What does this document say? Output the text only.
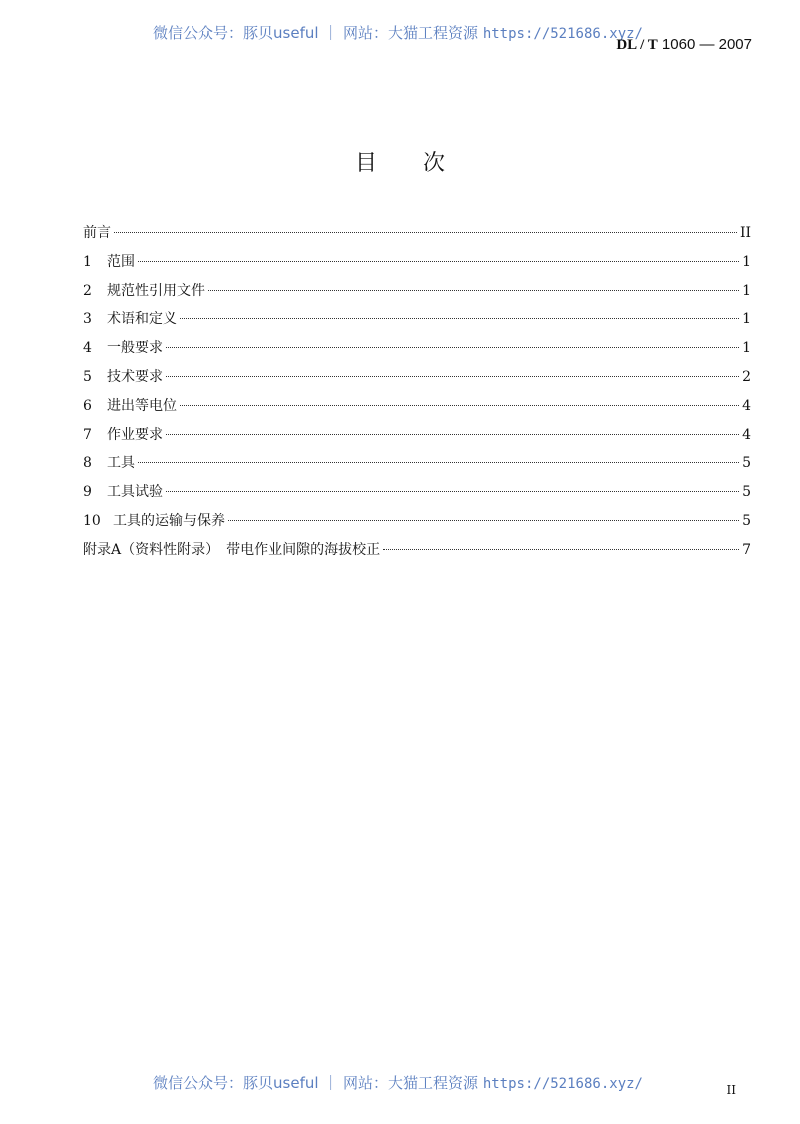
微信公众号：豚贝useful ｜ 网站：大猫工程资源 https://521686.xyz/
DL / T 1060 — 2007
目次
前言	II
1	范围	1
2	规范性引用文件	1
3	术语和定义	1
4	一般要求	1
5	技术要求	2
6	进出等电位	4
7	作业要求	4
8	工具	5
9	工具试验	5
10 工具的运输与保养	5
附录A（资料性附录）　带电作业间隙的海拔校正	7
微信公众号：豚贝useful ｜ 网站：大猫工程资源 https://521686.xyz/	II
